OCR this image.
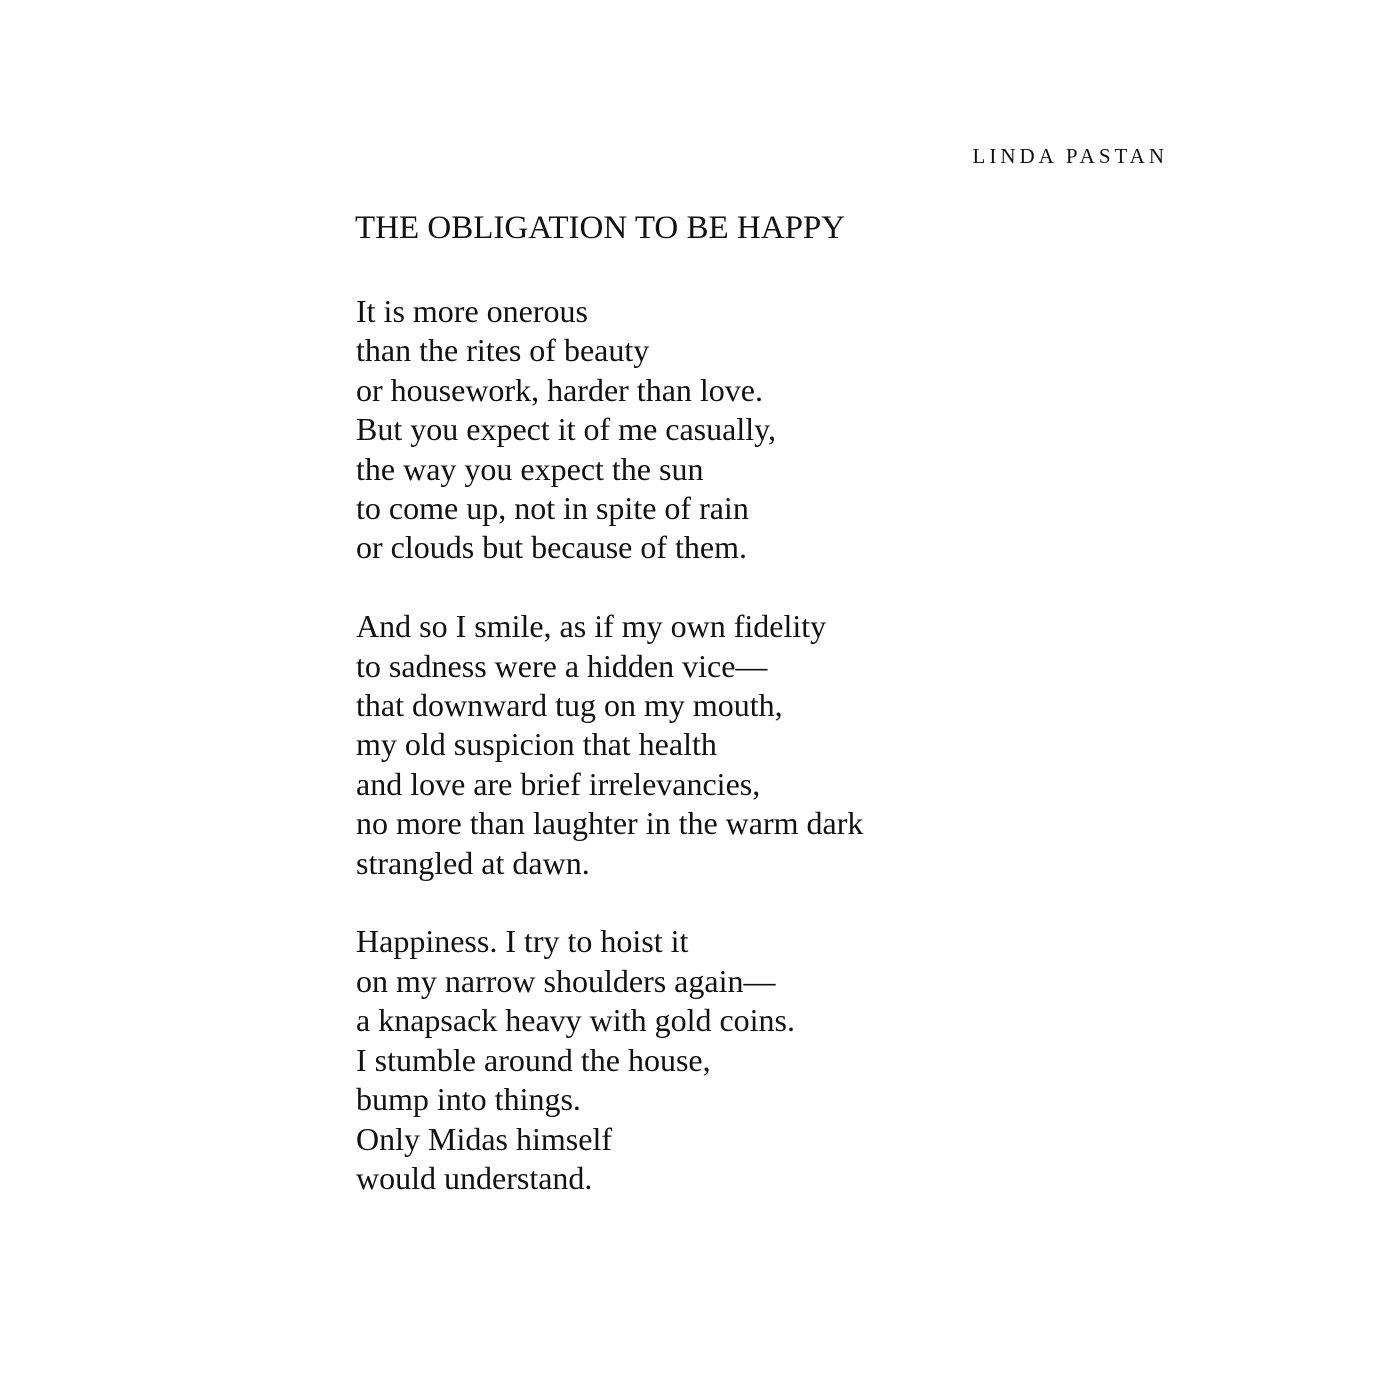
LINDA PASTAN
THE OBLIGATION TO BE HAPPY

It is more onerous
than the rites of beauty
or housework, harder than love.
But you expect it of me casually,
the way you expect the sun
to come up, not in spite of rain
or clouds but because of them.

And so I smile, as if my own fidelity
to sadness were a hidden vice—
that downward tug on my mouth,
my old suspicion that health
and love are brief irrelevancies,
no more than laughter in the warm dark
strangled at dawn.

Happiness. I try to hoist it
on my narrow shoulders again—
a knapsack heavy with gold coins.
I stumble around the house,
bump into things.
Only Midas himself
would understand.
